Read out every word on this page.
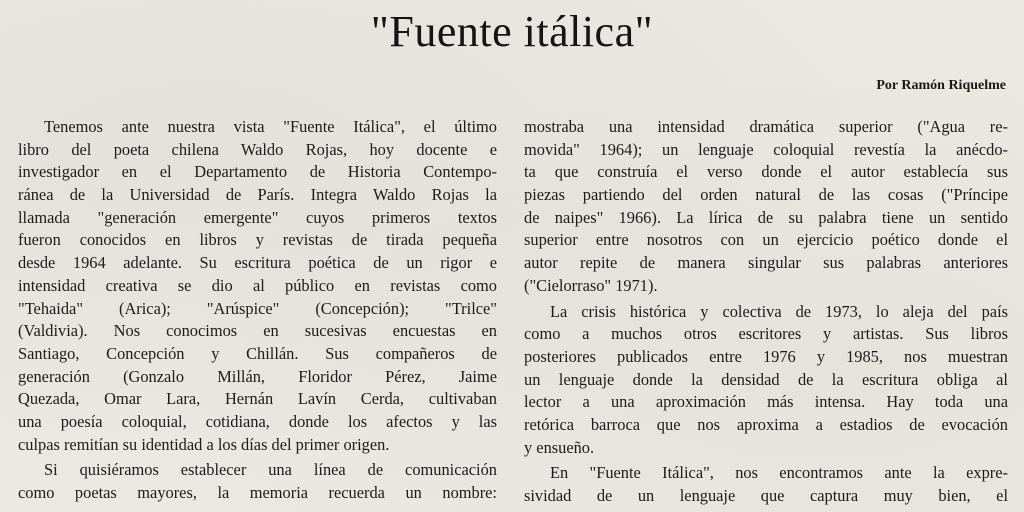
"Fuente itálica"
Por Ramón Riquelme
Tenemos ante nuestra vista "Fuente Itálica", el último
libro del poeta chilena Waldo Rojas, hoy docente e
investigador en el Departamento de Historia Contempo-
ránea de la Universidad de París. Integra Waldo Rojas la
llamada "generación emergente" cuyos primeros textos
fueron conocidos en libros y revistas de tirada pequeña
desde 1964 adelante. Su escritura poética de un rigor e
intensidad creativa se dio al público en revistas como
"Tehaida" (Arica); "Arúspice" (Concepción); "Trilce"
(Valdivia). Nos conocimos en sucesivas encuestas en
Santiago, Concepción y Chillán. Sus compañeros de
generación (Gonzalo Millán, Floridor Pérez, Jaime
Quezada, Omar Lara, Hernán Lavín Cerda, cultivaban
una poesía coloquial, cotidiana, donde los afectos y las
culpas remitían su identidad a los días del primer origen.
Si quisiéramos establecer una línea de comunicación
como poetas mayores, la memoria recuerda un nombre:
mostraba una intensidad dramática superior ("Agua re-
movida" 1964); un lenguaje coloquial revestía la anécdo-
ta que construía el verso donde el autor establecía sus
piezas partiendo del orden natural de las cosas ("Príncipe
de naipes" 1966). La lírica de su palabra tiene un sentido
superior entre nosotros con un ejercicio poético donde el
autor repite de manera singular sus palabras anteriores
("Cielorraso" 1971).
La crisis histórica y colectiva de 1973, lo aleja del país
como a muchos otros escritores y artistas. Sus libros
posteriores publicados entre 1976 y 1985, nos muestran
un lenguaje donde la densidad de la escritura obliga al
lector a una aproximación más intensa. Hay toda una
retórica barroca que nos aproxima a estadios de evocación
y ensueño.
En "Fuente Itálica", nos encontramos ante la expre-
sividad de un lenguaje que captura muy bien, el
